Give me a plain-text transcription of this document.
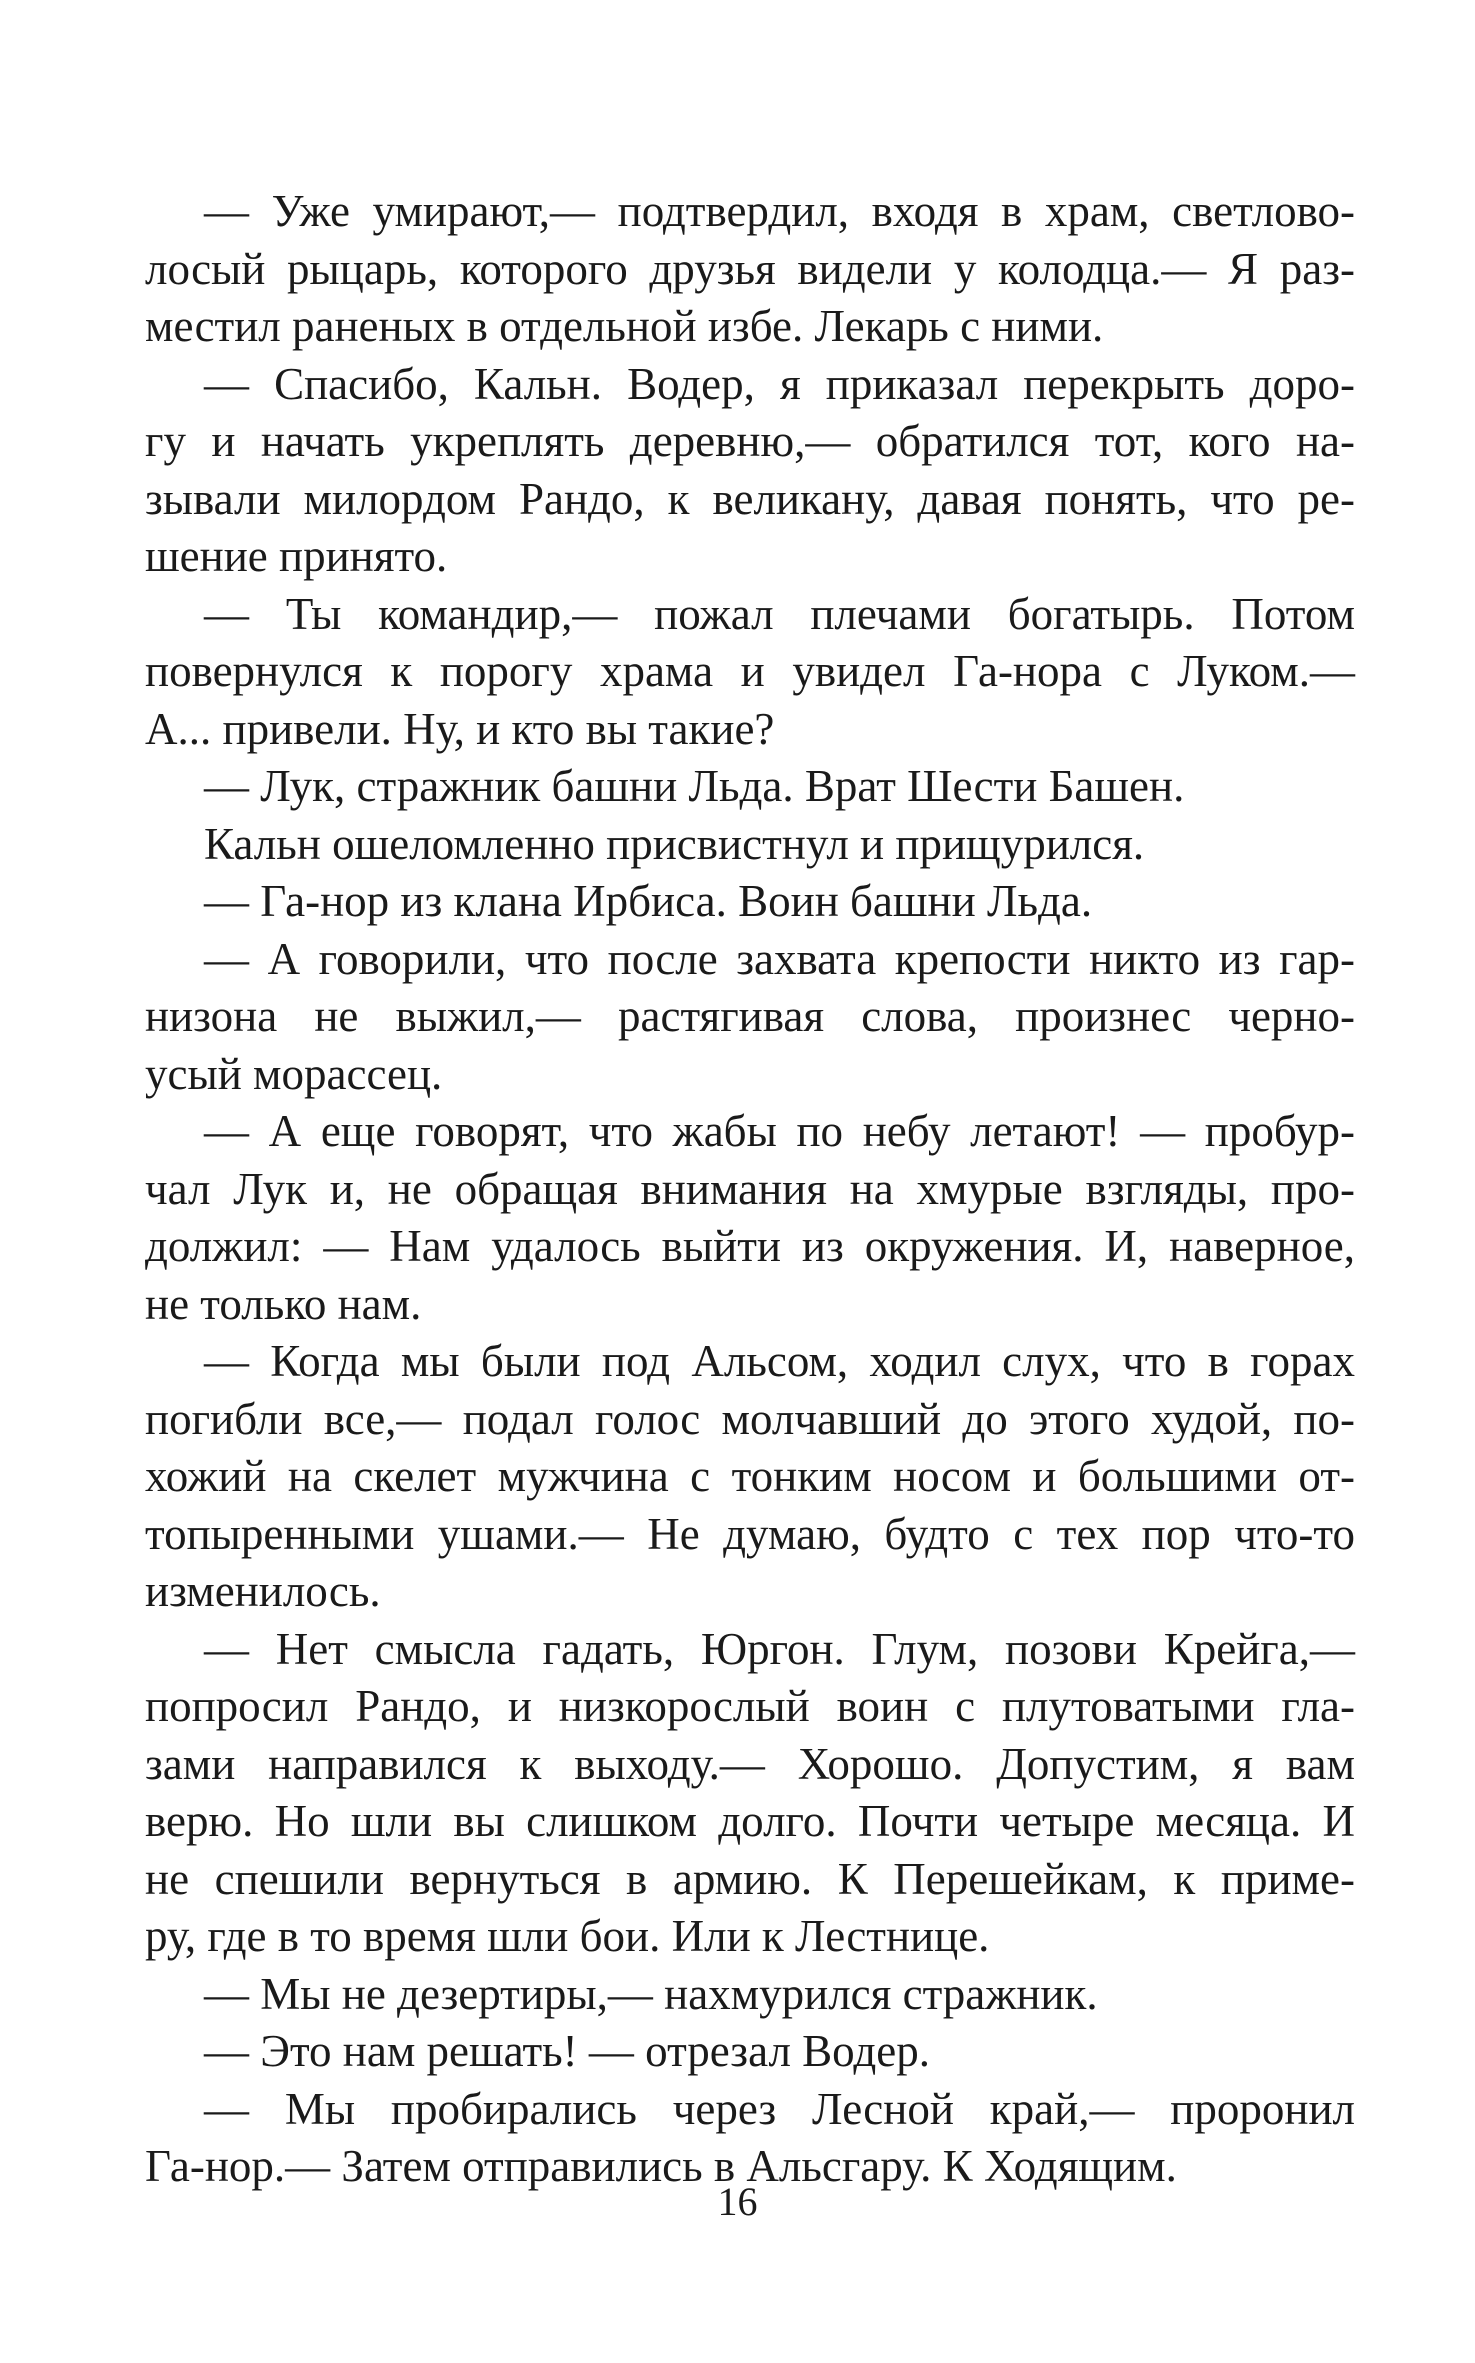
— Уже умирают,— подтвердил, входя в храм, светлово-
лосый рыцарь, которого друзья видели у колодца.— Я раз-
местил раненых в отдельной избе. Лекарь с ними.
— Спасибо, Кальн. Водер, я приказал перекрыть доро-
гу и начать укреплять деревню,— обратился тот, кого на-
зывали милордом Рандо, к великану, давая понять, что ре-
шение принято.
— Ты командир,— пожал плечами богатырь. Потом
повернулся к порогу храма и увидел Га-нора с Луком.—
А... привели. Ну, и кто вы такие?
— Лук, стражник башни Льда. Врат Шести Башен.
Кальн ошеломленно присвистнул и прищурился.
— Га-нор из клана Ирбиса. Воин башни Льда.
— А говорили, что после захвата крепости никто из гар-
низона не выжил,— растягивая слова, произнес черно-
усый морассец.
— А еще говорят, что жабы по небу летают! — пробур-
чал Лук и, не обращая внимания на хмурые взгляды, про-
должил: — Нам удалось выйти из окружения. И, наверное,
не только нам.
— Когда мы были под Альсом, ходил слух, что в горах
погибли все,— подал голос молчавший до этого худой, по-
хожий на скелет мужчина с тонким носом и большими от-
топыренными ушами.— Не думаю, будто с тех пор что-то
изменилось.
— Нет смысла гадать, Юргон. Глум, позови Крейга,—
попросил Рандо, и низкорослый воин с плутоватыми гла-
зами направился к выходу.— Хорошо. Допустим, я вам
верю. Но шли вы слишком долго. Почти четыре месяца. И
не спешили вернуться в армию. К Перешейкам, к приме-
ру, где в то время шли бои. Или к Лестнице.
— Мы не дезертиры,— нахмурился стражник.
— Это нам решать! — отрезал Водер.
— Мы пробирались через Лесной край,— проронил
Га-нор.— Затем отправились в Альсгару. К Ходящим.
16
